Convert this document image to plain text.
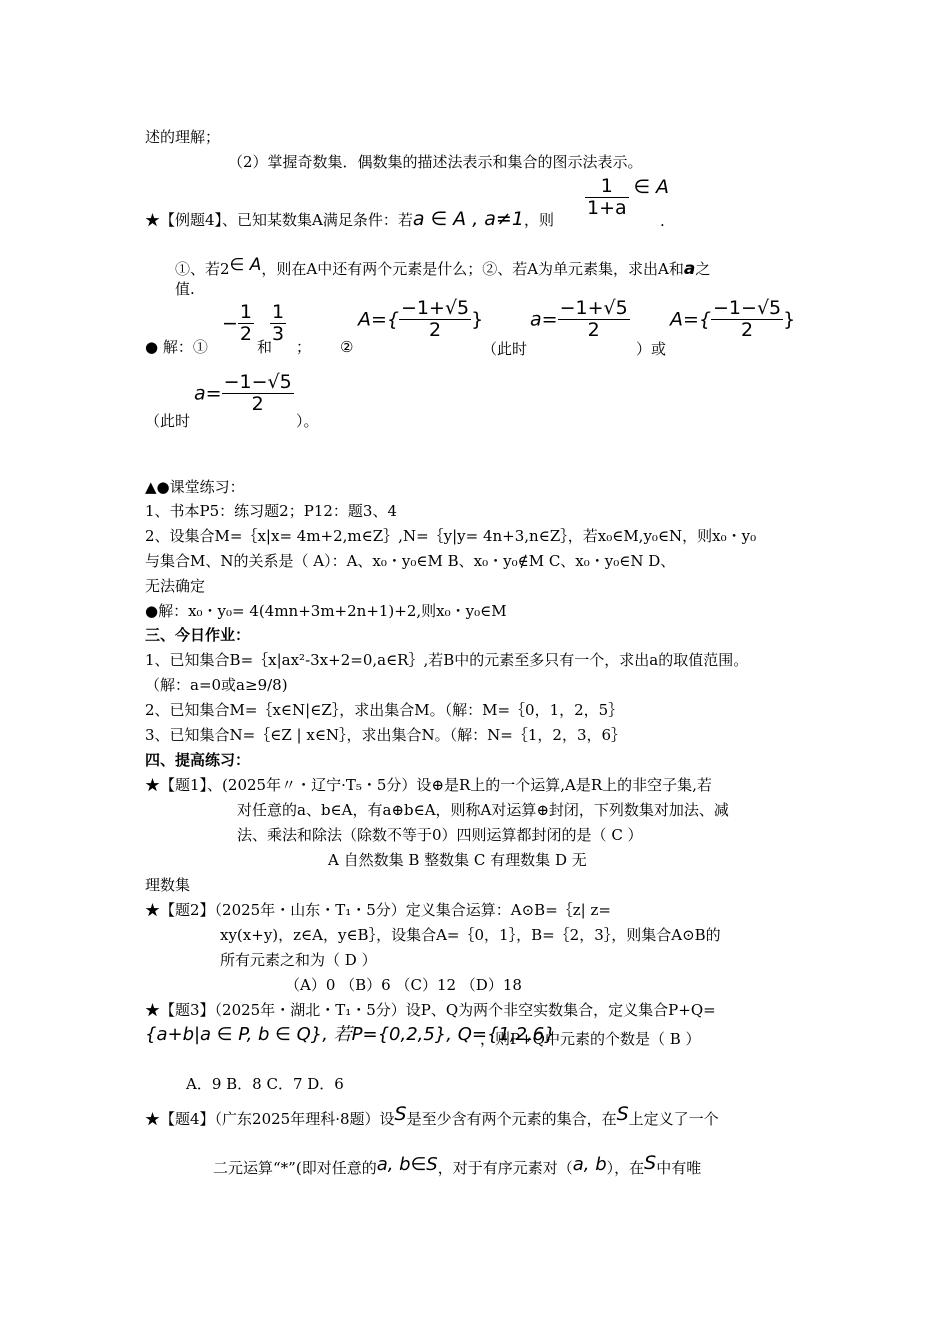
述的理解；
（2）掌握奇数集．偶数集的描述法表示和集合的图示法表示。
★【例题4】、已知某数集A满足条件：若a ∈ A , a≠1，则
$\frac{1}{1+a}$ ∈ A
.
①、若2∈ A，则在A中还有两个元素是什么；②、若A为单元素集，求出A和a之
值.
● 解：①
− $\frac{1}{2}$
和
$\frac{1}{3}$
； ②
$A=\{ \frac{-1+√5}{2}$ }
（此时
$a= \frac{-1+√5}{2}$
）或
$A=\{ \frac{-1-√5}{2}$ }
（此时
$a= \frac{-1-√5}{2}$
）。
▲●课堂练习：
1、书本P5：练习题2；P12：题3、4
2、设集合M=｛x|x= 4m+2,m∈Z｝,N=｛y|y= 4n+3,n∈Z｝，若x₀∈M,y₀∈N，则x₀・y₀
与集合M、N的关系是（ A）：A、x₀・y₀∈M B、x₀・y₀∉M C、x₀・y₀∈N D、
无法确定
●解：x₀・y₀= 4(4mn+3m+2n+1)+2,则x₀・y₀∈M
三、今日作业：
1、已知集合B=｛x|ax²-3x+2=0,a∈R｝,若B中的元素至多只有一个，求出a的取值范围。
（解：a=0或a≥9/8)
2、已知集合M=｛x∈N|∈Z｝，求出集合M。（解：M=｛0，1，2，5｝
3、已知集合N=｛∈Z | x∈N｝，求出集合N。（解：N=｛1，2，3，6｝
四、提高练习：
★【题1】、(2025年〃・辽宁·T₅・5分）设⊕是R上的一个运算,A是R上的非空子集,若
对任意的a、b∈A，有a⊕b∈A，则称A对运算⊕封闭，下列数集对加法、减
法、乘法和除法（除数不等于0）四则运算都封闭的是（ C ）
A 自然数集 B 整数集 C 有理数集 D 无
理数集
★【题2】（2025年・山东・T₁・5分）定义集合运算：A⊙B=｛z| z=
xy(x+y)，z∈A，y∈B｝，设集合A=｛0，1｝，B=｛2，3｝，则集合A⊙B的
所有元素之和为（ D ）
（A）0 （B）6 （C）12 （D）18
★【题3】（2025年・湖北・T₁・5分）设P、Q为两个非空实数集合，定义集合P+Q=
{a+b|a ∈ P, b ∈ Q}, 若P={0,2,5}, Q={1,2,6}
，则P+Q中元素的个数是（ B ）
A．9 B．8 C．7 D．6
★【题4】（广东2025年理科·8题）设S是至少含有两个元素的集合，在S上定义了一个
二元运算“*”(即对任意的a, b∈S，对于有序元素对（a, b），在S中有唯
